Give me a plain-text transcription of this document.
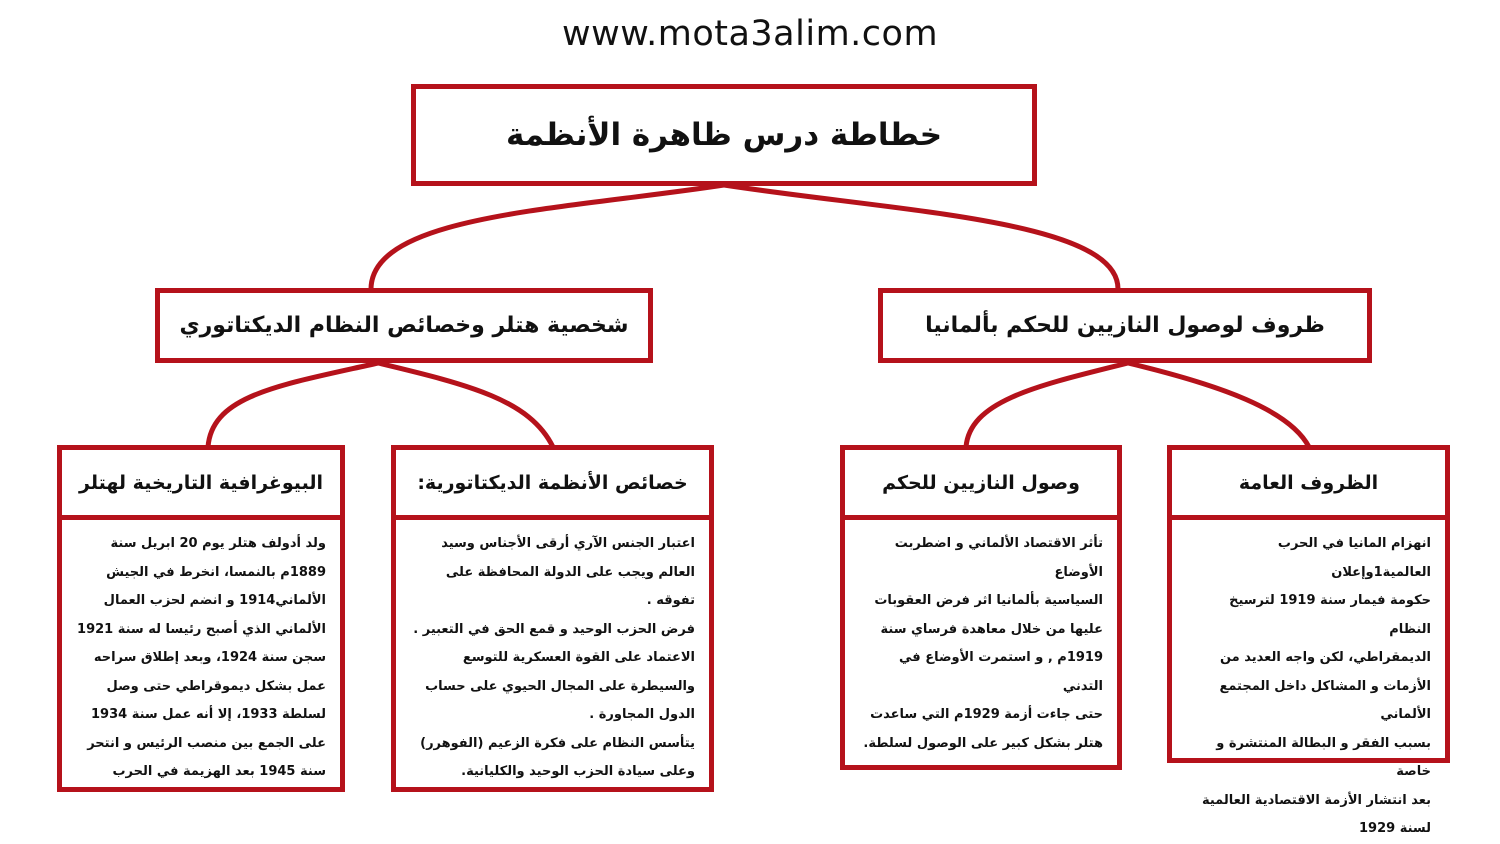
www.mota3alim.com
خطاطة درس ظاهرة الأنظمة
شخصية هتلر وخصائص النظام الديكتاتوري	ظروف لوصول النازيين للحكم بألمانيا
البيوغرافية التاريخية لهتلر
ولد أدولف هتلر يوم 20 ابريل سنة
1889م بالنمسا، انخرط في الجيش
الألماني1914 و انضم لحزب العمال
الألماني الذي أصبح رئيسا له سنة 1921
سجن سنة 1924، وبعد إطلاق سراحه
عمل بشكل ديموقراطي حتى وصل
لسلطة 1933، إلا أنه عمل سنة 1934
على الجمع بين منصب الرئيس و انتحر
سنة 1945 بعد الهزيمة في الحرب
خصائص الأنظمة الديكتاتورية:
اعتبار الجنس الآري أرقى الأجناس وسيد
العالم ويجب على الدولة المحافظة على تفوقه .
فرض الحزب الوحيد و قمع الحق في التعبير .
الاعتماد على القوة العسكرية للتوسع
والسيطرة على المجال الحيوي على حساب
الدول المجاورة .
يتأسس النظام على فكرة الزعيم (الفوهرر)
وعلى سيادة الحزب الوحيد والكليانية.
وصول النازيين للحكم
تأثر الاقتصاد الألماني و اضطربت الأوضاع
السياسية بألمانيا اثر فرض العقوبات
عليها من خلال معاهدة فرساي سنة
1919م , و استمرت الأوضاع في التدني
حتى جاءت أزمة 1929م التي ساعدت
هتلر بشكل كبير على الوصول لسلطة.
الظروف العامة
انهزام المانيا في الحرب العالمية1وإعلان
حكومة فيمار سنة 1919 لترسيخ النظام
الديمقراطي، لكن واجه العديد من
الأزمات و المشاكل داخل المجتمع الألماني
بسبب الفقر و البطالة المنتشرة و خاصة
بعد انتشار الأزمة الاقتصادية العالمية
لسنة 1929
